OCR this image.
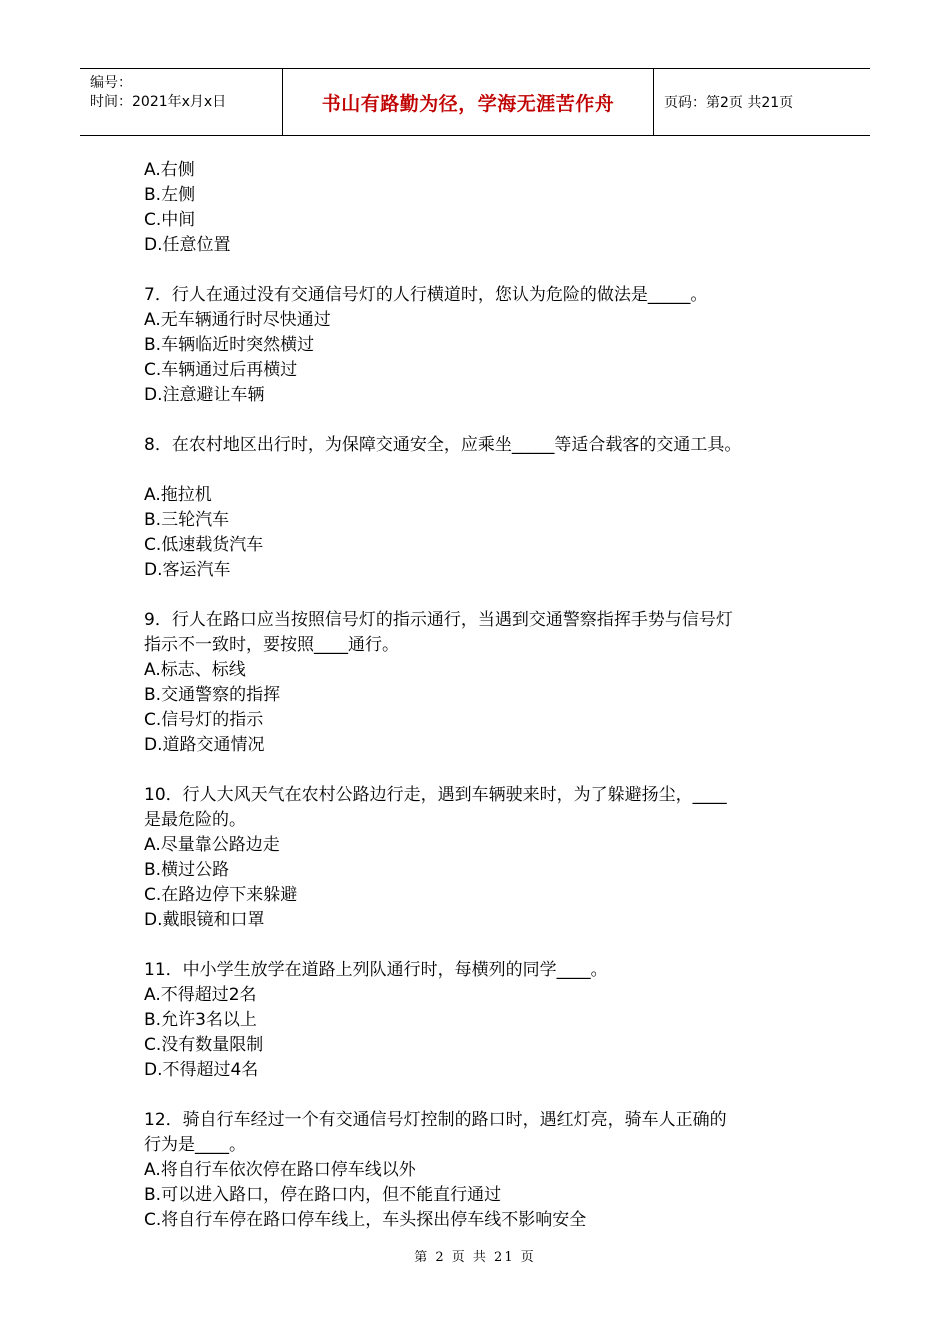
编号：
时间：2021年x月x日	书山有路勤为径，学海无涯苦作舟	页码：第2页 共21页

A.右侧

B.左侧

C.中间

D.任意位置

7．行人在通过没有交通信号灯的人行横道时，您认为危险的做法是_____。

A.无车辆通行时尽快通过

B.车辆临近时突然横过

C.车辆通过后再横过

D.注意避让车辆

8．在农村地区出行时，为保障交通安全，应乘坐_____等适合载客的交通工具。

A.拖拉机

B.三轮汽车

C.低速载货汽车

D.客运汽车

9．行人在路口应当按照信号灯的指示通行，当遇到交通警察指挥手势与信号灯

指示不一致时，要按照____通行。

A.标志、标线

B.交通警察的指挥

C.信号灯的指示

D.道路交通情况

10．行人大风天气在农村公路边行走，遇到车辆驶来时，为了躲避扬尘，____

是最危险的。

A.尽量靠公路边走

B.横过公路

C.在路边停下来躲避

D.戴眼镜和口罩

11．中小学生放学在道路上列队通行时，每横列的同学____。

A.不得超过2名

B.允许3名以上

C.没有数量限制

D.不得超过4名

12．骑自行车经过一个有交通信号灯控制的路口时，遇红灯亮，骑车人正确的

行为是____。

A.将自行车依次停在路口停车线以外

B.可以进入路口，停在路口内，但不能直行通过

C.将自行车停在路口停车线上，车头探出停车线不影响安全

第 2 页 共 21 页
